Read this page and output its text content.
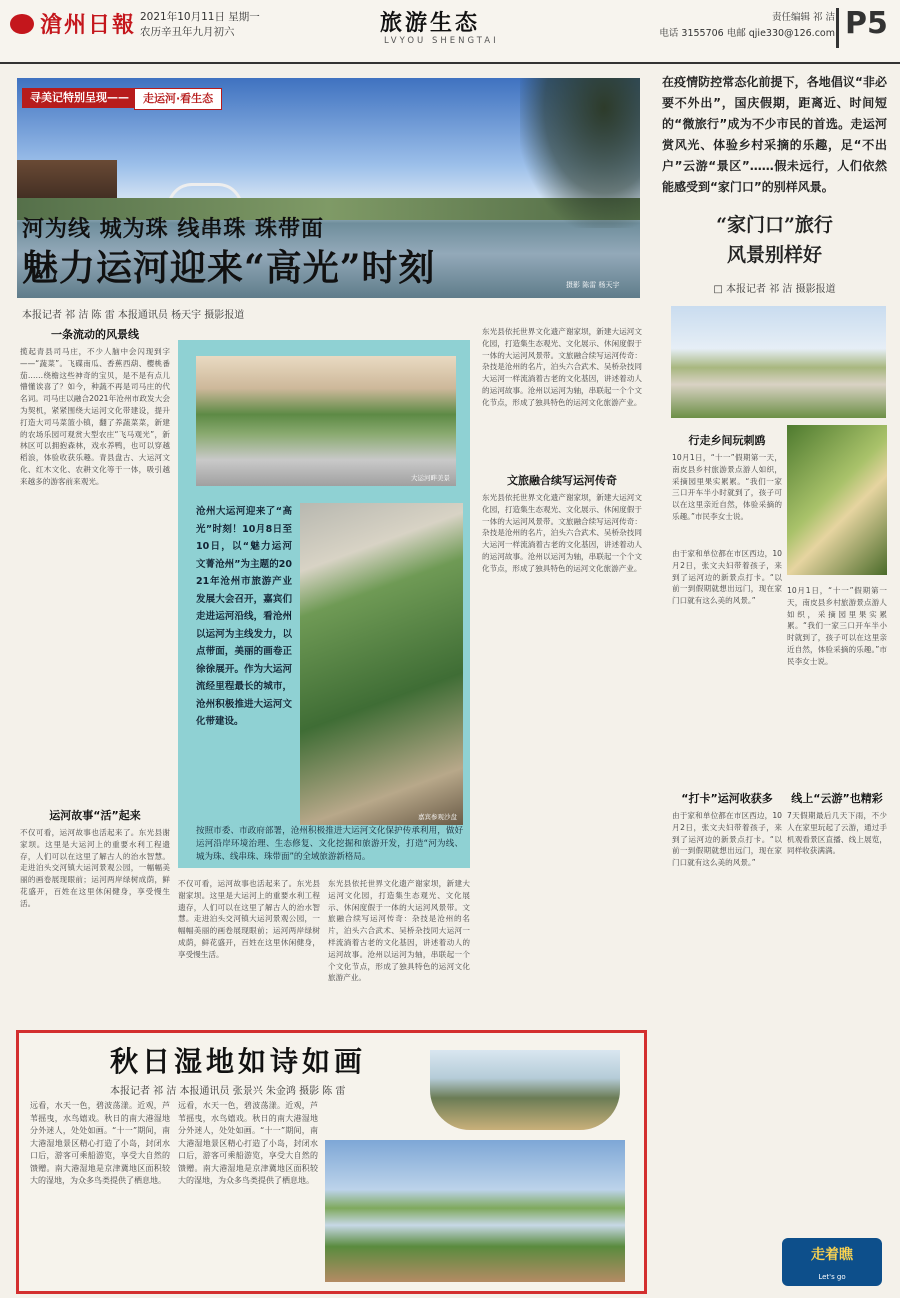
滄州日報 2021年10月11日 星期一
农历辛丑年九月初六	旅游生态
LVYOU SHENGTAI
责任编辑 祁 洁
电话 3155706 电邮 qjie330@126.com P5
寻美记特别呈现——	走运河·看生态
河为线 城为珠 线串珠 珠带面
魅力运河迎来“高光”时刻	摄影 陈雷 杨天宇
本报记者 祁 洁 陈 雷 本报通讯员 杨天宇 摄影报道
一条流动的风景线
揽起青县司马庄，不少人脑中会闪现到字——“蔬菜”。飞碟南瓜、香蕉西葫、樱桃番茄……绕檐这些神奇的宝贝，是不是有点儿懵懂诶喜了？如今，种蔬不再是司马庄的代名词。司马庄以融合2021年沧州市政发大会为契机，紧紧围绕大运河文化带建设，提升打造大司马菜篮小镇，翻了养蔬菜菜，新建的农场乐园可观赏大型农庄“飞马观光”，新林区可以拥抱森林，戏水养鸭，也可以穿越稻浪，体验收获乐趣。青县盘古、大运河文化、红木文化、农耕文化等于一体，吸引越来越多的游客前来观光。
运河故事“活”起来
不仅可看，运河故事也活起来了。东光县谢家坝。这里是大运河上的重要水利工程遗存，人们可以在这里了解古人的治水智慧。走进泊头交河镇大运河景观公园，一幅幅美丽的画卷展现眼前；运河两岸绿树成荫，鲜花盛开，百姓在这里休闲健身，享受慢生活。
大运河畔美景
沧州大运河迎来了“高光”时刻！10月8日至10日，以“魅力运河 文菁沧州”为主题的2021年沧州市旅游产业发展大会召开，嘉宾们走进运河沿线，看沧州以运河为主线发力，以点带面，美丽的画卷正徐徐展开。作为大运河流经里程最长的城市，沧州积极推进大运河文化带建设。
嘉宾参观沙盘
按照市委、市政府部署，沧州积极推进大运河文化保护传承利用，做好运河沿岸环境治理、生态修复、文化挖掘和旅游开发，打造“河为线、城为珠、线串珠、珠带面”的全域旅游新格局。
不仅可看，运河故事也活起来了。东光县谢家坝。这里是大运河上的重要水利工程遗存，人们可以在这里了解古人的治水智慧。走进泊头交河镇大运河景观公园，一幅幅美丽的画卷展现眼前；运河两岸绿树成荫，鲜花盛开，百姓在这里休闲健身，享受慢生活。
东光县依托世界文化遗产谢家坝，新建大运河文化园，打造集生态观光、文化展示、休闲度假于一体的大运河风景带。文旅融合续写运河传奇：杂技是沧州的名片，泊头六合武术、吴桥杂技同大运河一样流淌着古老的文化基因，讲述着动人的运河故事。沧州以运河为轴，串联起一个个文化节点，形成了独具特色的运河文化旅游产业。
东光县依托世界文化遗产谢家坝，新建大运河文化园，打造集生态观光、文化展示、休闲度假于一体的大运河风景带。文旅融合续写运河传奇：杂技是沧州的名片，泊头六合武术、吴桥杂技同大运河一样流淌着古老的文化基因，讲述着动人的运河故事。沧州以运河为轴，串联起一个个文化节点，形成了独具特色的运河文化旅游产业。
文旅融合续写运河传奇
东光县依托世界文化遗产谢家坝，新建大运河文化园，打造集生态观光、文化展示、休闲度假于一体的大运河风景带。文旅融合续写运河传奇：杂技是沧州的名片，泊头六合武术、吴桥杂技同大运河一样流淌着古老的文化基因，讲述着动人的运河故事。沧州以运河为轴，串联起一个个文化节点，形成了独具特色的运河文化旅游产业。
在疫情防控常态化前提下，各地倡议“非必要不外出”，国庆假期，距离近、时间短的“微旅行”成为不少市民的首选。走运河赏风光、体验乡村采摘的乐趣，足“不出户”云游“景区”……假未远行，人们依然能感受到“家门口”的别样风景。
“家门口”旅行
风景别样好
□ 本报记者 祁 洁 摄影报道
行走乡间玩刺鸥
10月1日，“十一”假期第一天，南皮县乡村旅游景点游人如织，采摘园里果实累累。“我们一家三口开车半小时就到了，孩子可以在这里亲近自然，体验采摘的乐趣。”市民李女士说。
10月1日，“十一”假期第一天，南皮县乡村旅游景点游人如织，采摘园里果实累累。“我们一家三口开车半小时就到了，孩子可以在这里亲近自然，体验采摘的乐趣。”市民李女士说。
由于家和单位都在市区西边，10月2日，张文夫妇带着孩子，来到了运河边的新景点打卡。“以前一到假期就想出远门，现在家门口就有这么美的风景。”
“打卡”运河收获多	线上“云游”也精彩
由于家和单位都在市区西边，10月2日，张文夫妇带着孩子，来到了运河边的新景点打卡。“以前一到假期就想出远门，现在家门口就有这么美的风景。”
7天假期最后几天下雨，不少人在家里玩起了云游，通过手机观看景区直播、线上展览，同样收获满满。
走着瞧
Let's go
秋日湿地如诗如画
本报记者 祁 洁 本报通讯员 张景兴 朱金鸿 摄影 陈 雷
远看，水天一色，碧波荡漾。近观，芦苇摇曳，水鸟嬉戏。秋日的南大港湿地分外迷人，处处如画。“十一”期间，南大港湿地景区精心打造了小岛，封闭水口后，游客可乘船游览，享受大自然的馈赠。南大港湿地是京津冀地区面积较大的湿地，为众多鸟类提供了栖息地。
远看，水天一色，碧波荡漾。近观，芦苇摇曳，水鸟嬉戏。秋日的南大港湿地分外迷人，处处如画。“十一”期间，南大港湿地景区精心打造了小岛，封闭水口后，游客可乘船游览，享受大自然的馈赠。南大港湿地是京津冀地区面积较大的湿地，为众多鸟类提供了栖息地。
